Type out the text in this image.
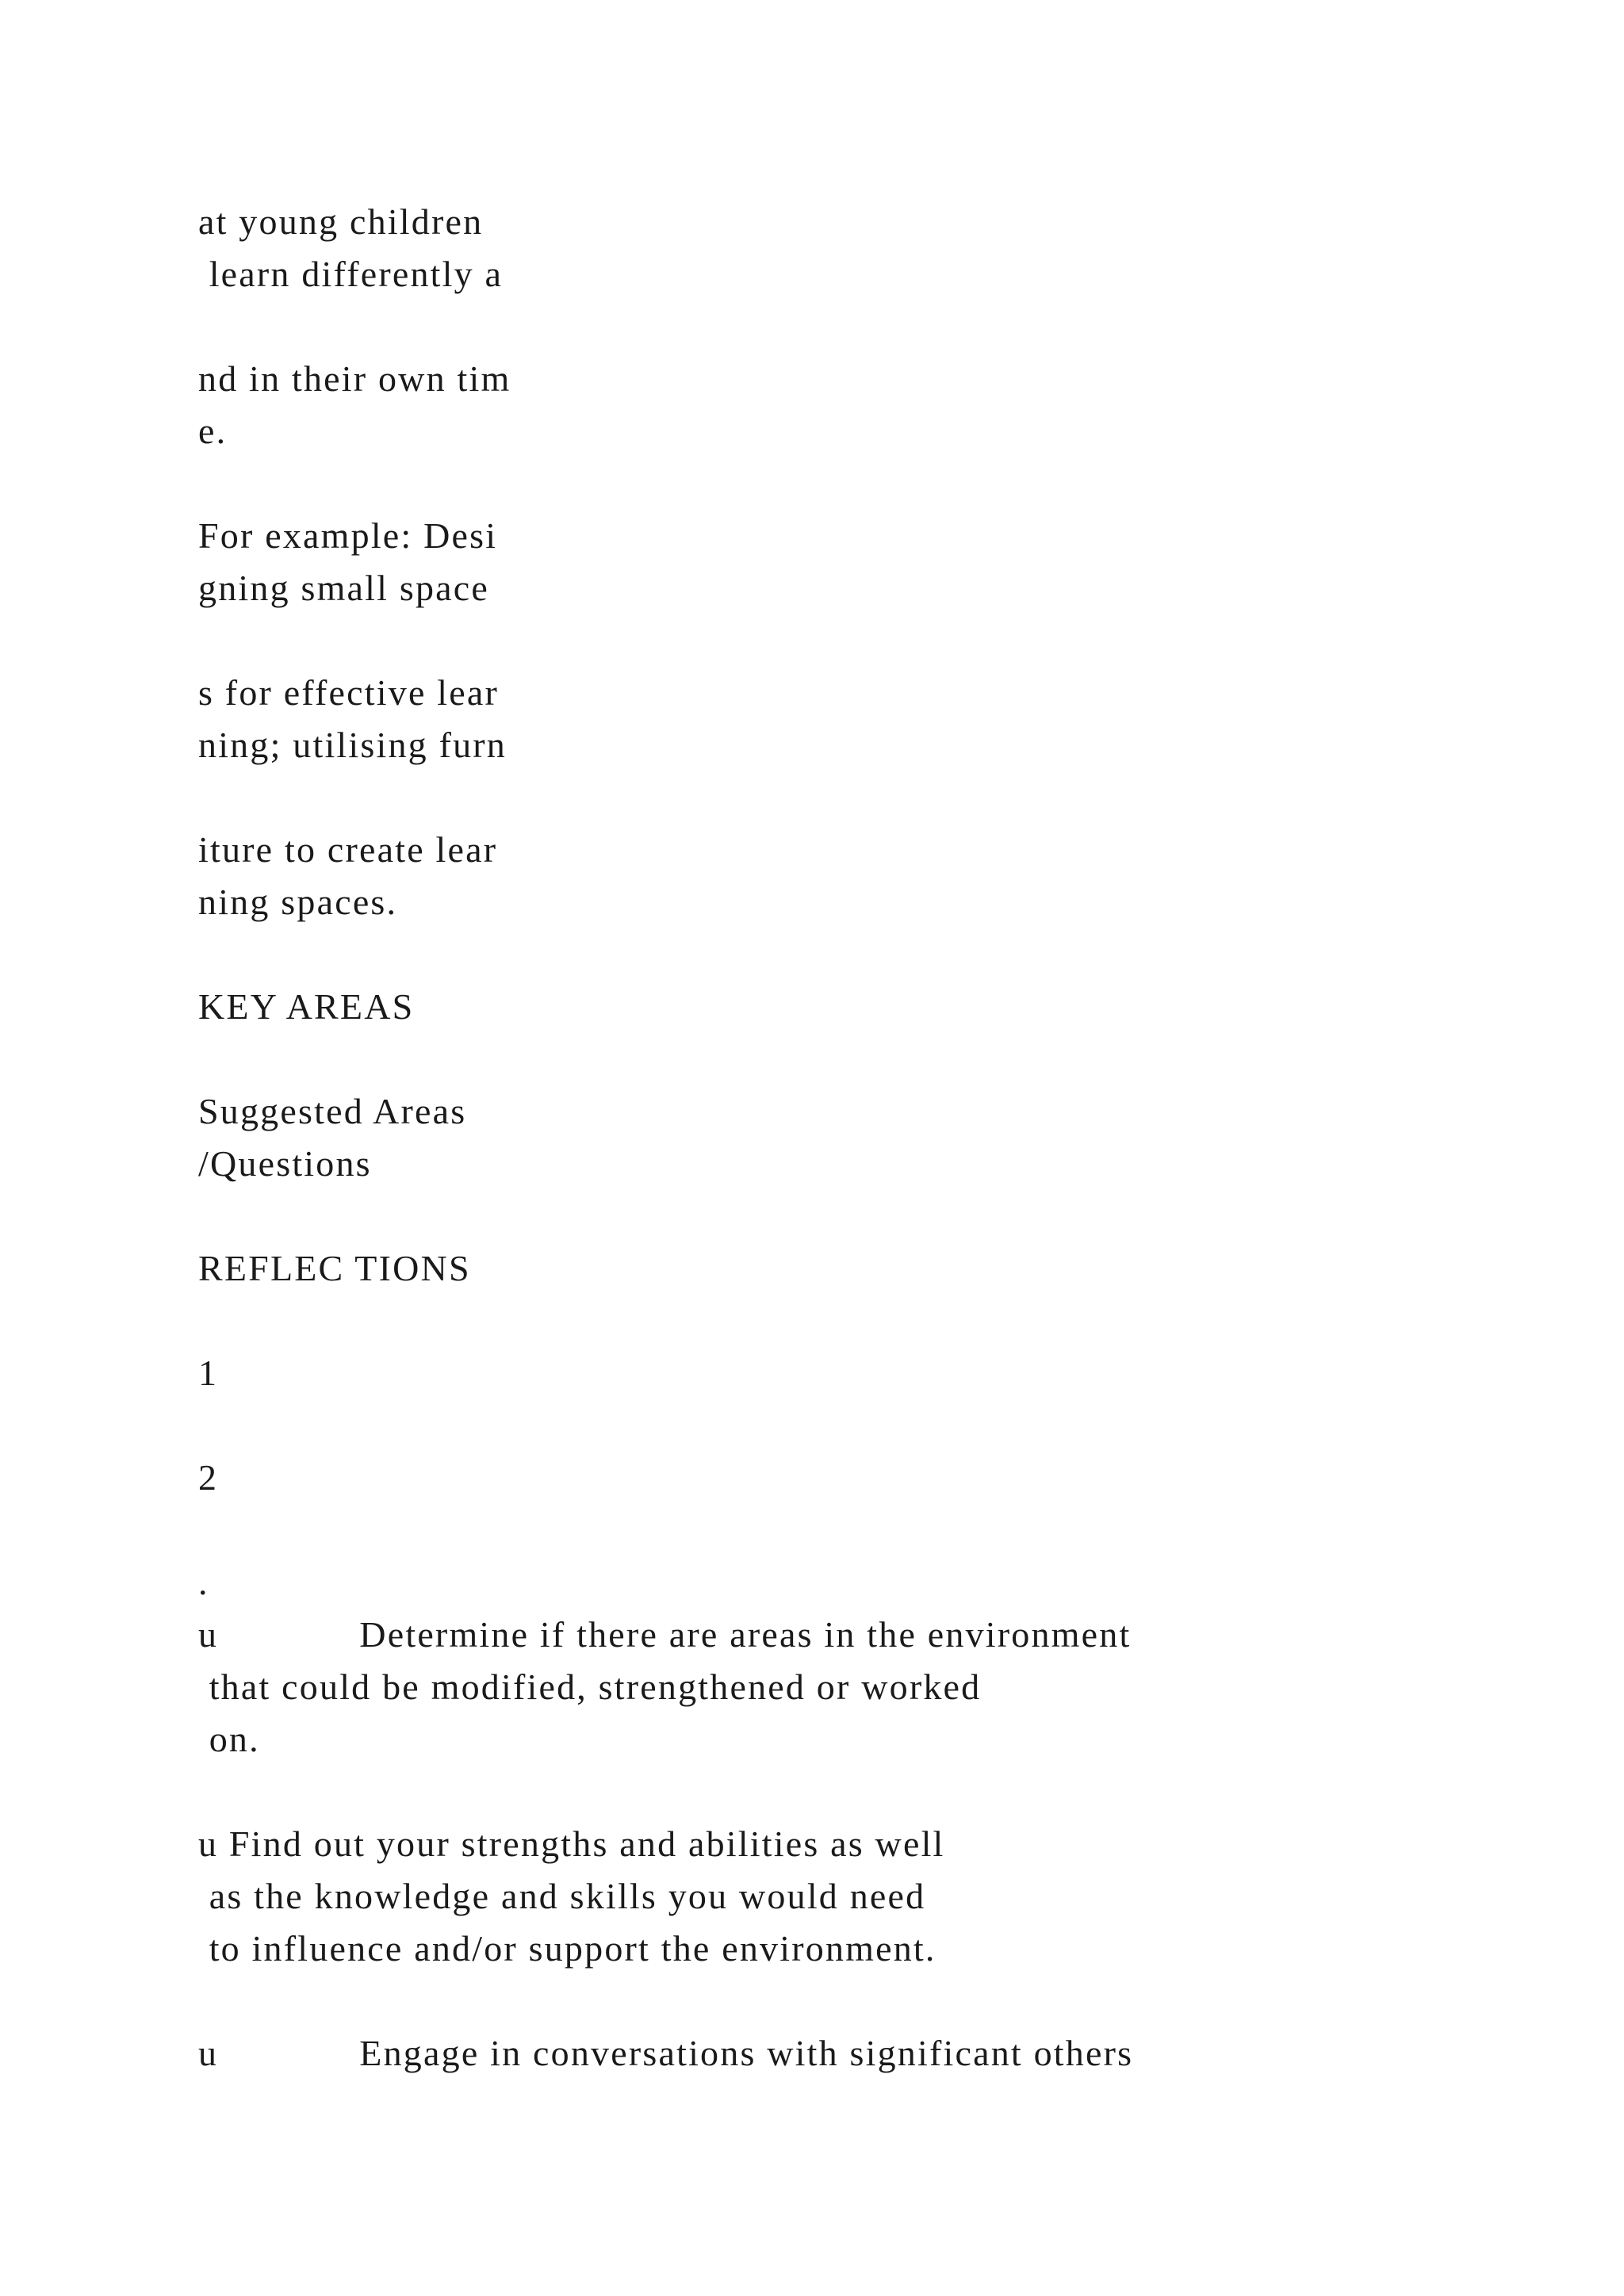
at young children
learn differently a
nd in their own tim
e.
For example: Desi
gning small space
s for effective lear
ning; utilising furn
iture to create lear
ning spaces.
KEY AREAS
Suggested Areas
/Questions
REFLEC TIONS
1
2
.
u             Determine if there are areas in the environment
that could be modified, strengthened or worked
on.
u Find out your strengths and abilities as well
as the knowledge and skills you would need
to influence and/or support the environment.
u             Engage in conversations with significant others
